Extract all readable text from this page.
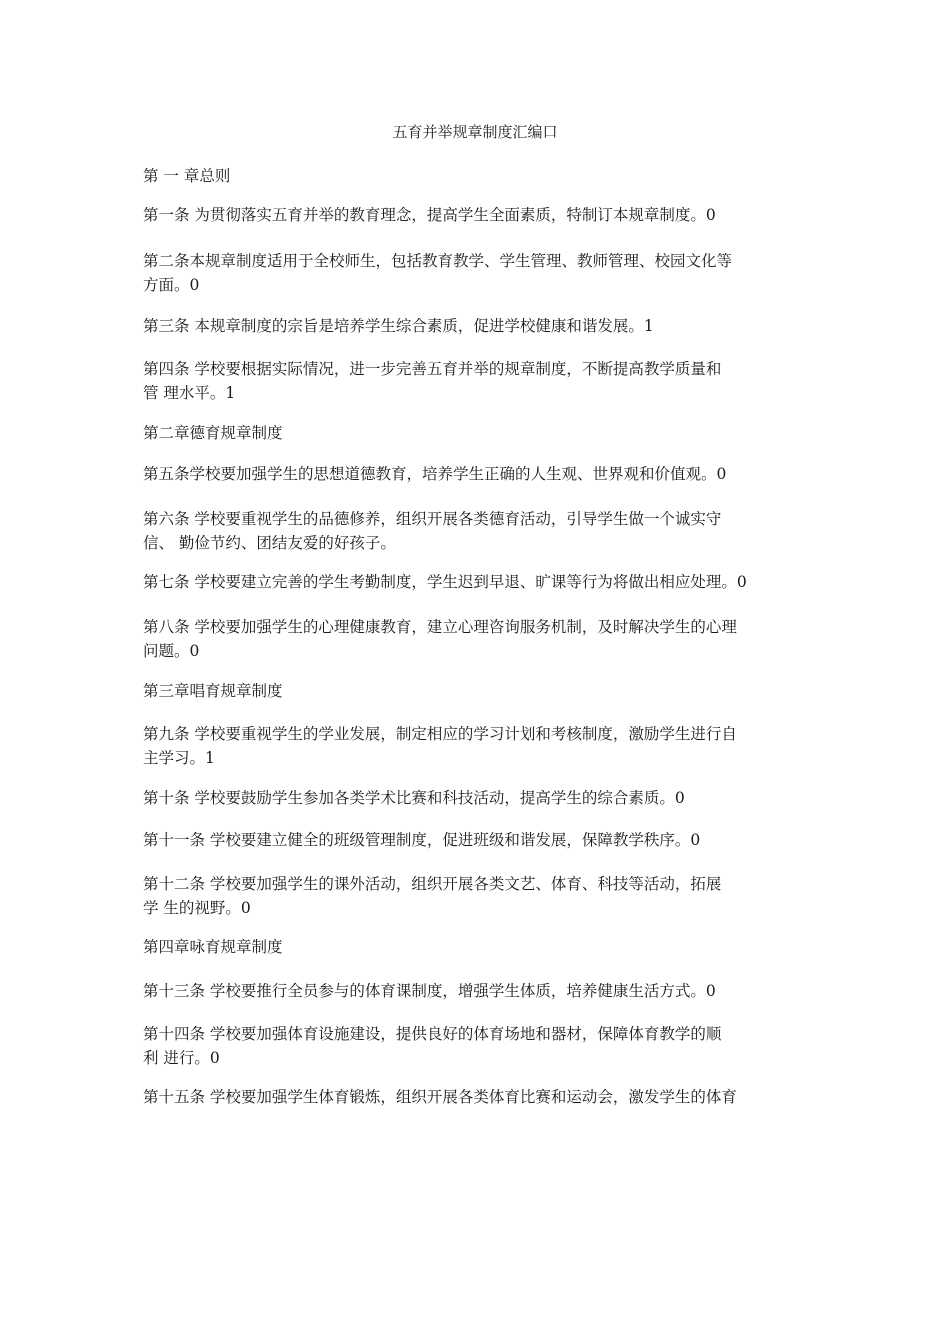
五育并举规章制度汇编口
第 一 章总则
第一条 为贯彻落实五育并举的教育理念，提高学生全面素质，特制订本规章制度。0
第二条本规章制度适用于全校师生，包括教育教学、学生管理、教师管理、校园文化等
方面。0
第三条 本规章制度的宗旨是培养学生综合素质，促进学校健康和谐发展。1
第四条 学校要根据实际情况，进一步完善五育并举的规章制度，不断提高教学质量和
管 理水平。1
第二章德育规章制度
第五条学校要加强学生的思想道德教育，培养学生正确的人生观、世界观和价值观。0
第六条 学校要重视学生的品德修养，组织开展各类德育活动，引导学生做一个诚实守
信、 勤俭节约、团结友爱的好孩子。
第七条 学校要建立完善的学生考勤制度，学生迟到早退、旷课等行为将做出相应处理。0
第八条 学校要加强学生的心理健康教育，建立心理咨询服务机制，及时解决学生的心理
问题。0
第三章唱育规章制度
第九条 学校要重视学生的学业发展，制定相应的学习计划和考核制度，激励学生进行自
主学习。1
第十条 学校要鼓励学生参加各类学术比赛和科技活动，提高学生的综合素质。0
第十一条 学校要建立健全的班级管理制度，促进班级和谐发展，保障教学秩序。0
第十二条 学校要加强学生的课外活动，组织开展各类文艺、体育、科技等活动，拓展
学 生的视野。0
第四章咏育规章制度
第十三条 学校要推行全员参与的体育课制度，增强学生体质，培养健康生活方式。0
第十四条 学校要加强体育设施建设，提供良好的体育场地和器材，保障体育教学的顺
利 进行。0
第十五条 学校要加强学生体育锻炼，组织开展各类体育比赛和运动会，激发学生的体育
